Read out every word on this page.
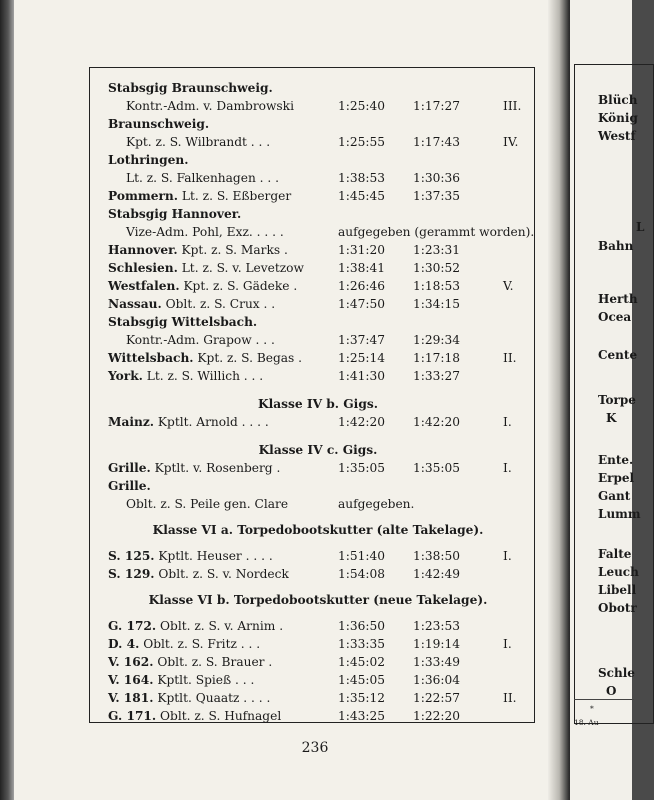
Blüch
König
Westf
L
Bahn
Herth
Ocea
Cente
Torpe
K
Ente.
Erpel
Gant
Lumm
Falte
Leuch
Libell
Obotr
Schle
O
*
18. Au
Stabsgig Braunschweig.
Kontr.-Adm. v. Dambrowski	1:25:40 1:17:27	III.
Braunschweig.
Kpt. z. S. Wilbrandt . . .	1:25:55 1:17:43	IV.
Lothringen.
Lt. z. S. Falkenhagen . . .	1:38:53 1:30:36
Pommern. Lt. z. S. Eßberger	1:45:45 1:37:35
Stabsgig Hannover.
Vize-Adm. Pohl, Exz. . . . .	aufgegeben (gerammt worden).
Hannover. Kpt. z. S. Marks .	1:31:20 1:23:31
Schlesien. Lt. z. S. v. Levetzow	1:38:41 1:30:52
Westfalen. Kpt. z. S. Gädeke .	1:26:46 1:18:53	V.
Nassau. Oblt. z. S. Crux . .	1:47:50 1:34:15
Stabsgig Wittelsbach.
Kontr.-Adm. Grapow . . .	1:37:47 1:29:34
Wittelsbach. Kpt. z. S. Begas .	1:25:14 1:17:18	II.
York. Lt. z. S. Willich . . .	1:41:30 1:33:27
Klasse IV b. Gigs.
Mainz. Kptlt. Arnold . . . .	1:42:20 1:42:20	I.
Klasse IV c. Gigs.
Grille. Kptlt. v. Rosenberg .	1:35:05 1:35:05	I.
Grille.
Oblt. z. S. Peile gen. Clare	aufgegeben.
Klasse VI a. Torpedobootskutter (alte Takelage).
S. 125. Kptlt. Heuser . . . .	1:51:40 1:38:50	I.
S. 129. Oblt. z. S. v. Nordeck	1:54:08 1:42:49
Klasse VI b. Torpedobootskutter (neue Takelage).
G. 172. Oblt. z. S. v. Arnim .	1:36:50 1:23:53
D. 4. Oblt. z. S. Fritz . . .	1:33:35 1:19:14	I.
V. 162. Oblt. z. S. Brauer .	1:45:02 1:33:49
V. 164. Kptlt. Spieß . . .	1:45:05 1:36:04
V. 181. Kptlt. Quaatz . . . .	1:35:12 1:22:57	II.
G. 171. Oblt. z. S. Hufnagel	1:43:25 1:22:20
236
